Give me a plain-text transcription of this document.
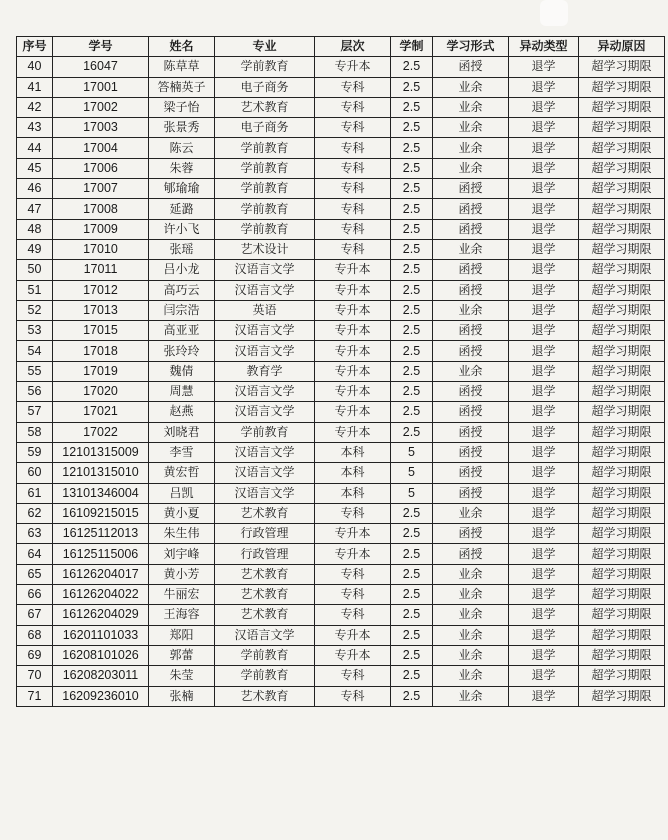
序号	学号	姓名	专业	层次	学制	学习形式	异动类型	异动原因
40	16047	陈草草	学前教育	专升本	2.5	函授	退学	超学习期限
41	17001	答楠英子	电子商务	专科	2.5	业余	退学	超学习期限
42	17002	梁子怡	艺术教育	专科	2.5	业余	退学	超学习期限
43	17003	张景秀	电子商务	专科	2.5	业余	退学	超学习期限
44	17004	陈云	学前教育	专科	2.5	业余	退学	超学习期限
45	17006	朱蓉	学前教育	专科	2.5	业余	退学	超学习期限
46	17007	郇瑜瑜	学前教育	专科	2.5	函授	退学	超学习期限
47	17008	延潞	学前教育	专科	2.5	函授	退学	超学习期限
48	17009	许小飞	学前教育	专科	2.5	函授	退学	超学习期限
49	17010	张瑶	艺术设计	专科	2.5	业余	退学	超学习期限
50	17011	吕小龙	汉语言文学	专升本	2.5	函授	退学	超学习期限
51	17012	高巧云	汉语言文学	专升本	2.5	函授	退学	超学习期限
52	17013	闫宗浩	英语	专升本	2.5	业余	退学	超学习期限
53	17015	高亚亚	汉语言文学	专升本	2.5	函授	退学	超学习期限
54	17018	张玲玲	汉语言文学	专升本	2.5	函授	退学	超学习期限
55	17019	魏倩	教育学	专升本	2.5	业余	退学	超学习期限
56	17020	周慧	汉语言文学	专升本	2.5	函授	退学	超学习期限
57	17021	赵燕	汉语言文学	专升本	2.5	函授	退学	超学习期限
58	17022	刘晓君	学前教育	专升本	2.5	函授	退学	超学习期限
59	12101315009	李雪	汉语言文学	本科	5	函授	退学	超学习期限
60	12101315010	黄宏哲	汉语言文学	本科	5	函授	退学	超学习期限
61	13101346004	吕凯	汉语言文学	本科	5	函授	退学	超学习期限
62	16109215015	黄小夏	艺术教育	专科	2.5	业余	退学	超学习期限
63	16125112013	朱生伟	行政管理	专升本	2.5	函授	退学	超学习期限
64	16125115006	刘宇峰	行政管理	专升本	2.5	函授	退学	超学习期限
65	16126204017	黄小芳	艺术教育	专科	2.5	业余	退学	超学习期限
66	16126204022	牛丽宏	艺术教育	专科	2.5	业余	退学	超学习期限
67	16126204029	王海容	艺术教育	专科	2.5	业余	退学	超学习期限
68	16201101033	郑阳	汉语言文学	专升本	2.5	业余	退学	超学习期限
69	16208101026	郭蕾	学前教育	专升本	2.5	业余	退学	超学习期限
70	16208203011	朱莹	学前教育	专科	2.5	业余	退学	超学习期限
71	16209236010	张楠	艺术教育	专科	2.5	业余	退学	超学习期限
